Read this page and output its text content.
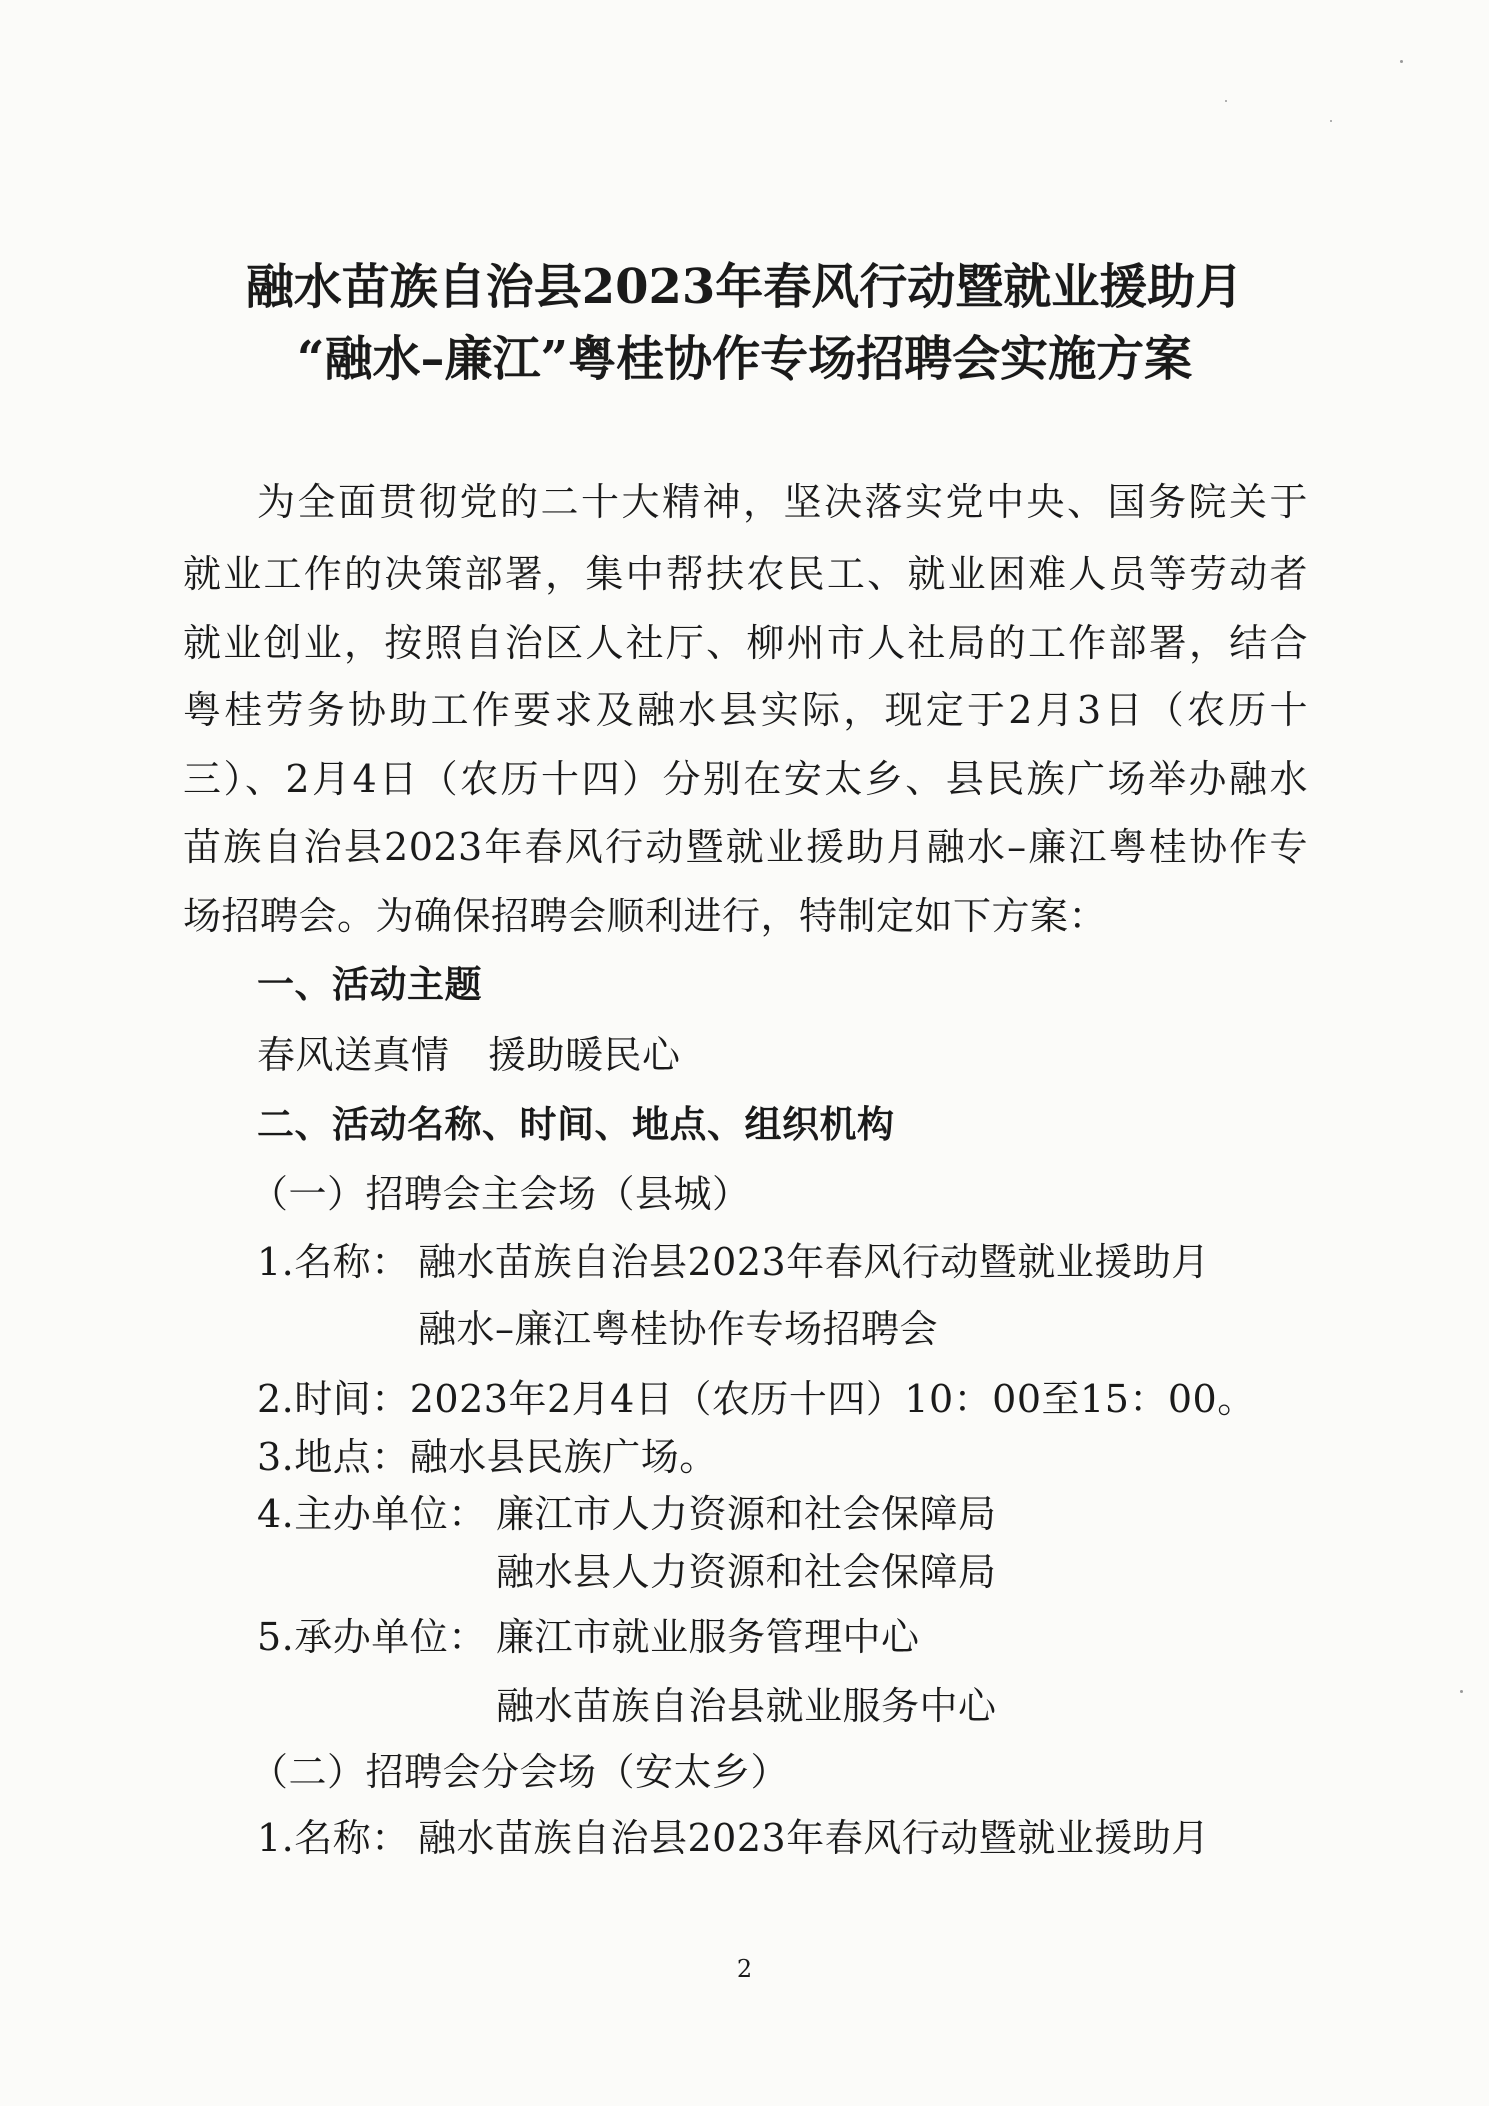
融水苗族自治县2023年春风行动暨就业援助月
“融水–廉江”粤桂协作专场招聘会实施方案
为全面贯彻党的二十大精神，坚决落实党中央、国务院关于
就业工作的决策部署，集中帮扶农民工、就业困难人员等劳动者
就业创业，按照自治区人社厅、柳州市人社局的工作部署，结合
粤桂劳务协助工作要求及融水县实际，现定于2月3日（农历十
三）、2月4日（农历十四）分别在安太乡、县民族广场举办融水
苗族自治县2023年春风行动暨就业援助月融水–廉江粤桂协作专
场招聘会。为确保招聘会顺利进行，特制定如下方案：
一、活动主题
春风送真情　援助暖民心
二、活动名称、时间、地点、组织机构
（一）招聘会主会场（县城）
1.名称： 融水苗族自治县2023年春风行动暨就业援助月
融水–廉江粤桂协作专场招聘会
2.时间：2023年2月4日（农历十四）10：00至15：00。
3.地点：融水县民族广场。
4.主办单位： 廉江市人力资源和社会保障局
融水县人力资源和社会保障局
5.承办单位： 廉江市就业服务管理中心
融水苗族自治县就业服务中心
（二）招聘会分会场（安太乡）
1.名称： 融水苗族自治县2023年春风行动暨就业援助月
2
